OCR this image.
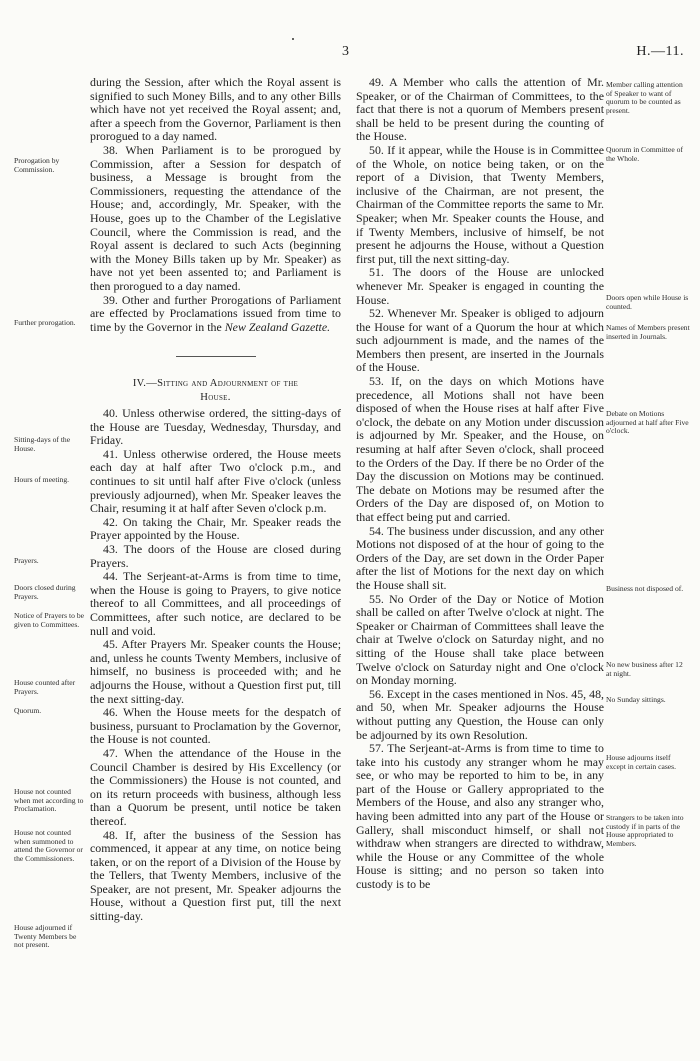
3	H.—11.
Prorogation by Commission.
Further prorogation.
Sitting-days of the House.
Hours of meeting.
Prayers.
Doors closed during Prayers.
Notice of Prayers to be given to Committees.
House counted after Prayers.
Quorum.
House not counted when met according to Proclamation.
House not counted when summoned to attend the Governor or the Commissioners.
House adjourned if Twenty Members be not present.

during the Session, after which the Royal assent is signified to such Money Bills, and to any other Bills which have not yet received the Royal assent; and, after a speech from the Governor, Parliament is then prorogued to a day named.

38. When Parliament is to be prorogued by Commission, after a Session for despatch of business, a Message is brought from the Commissioners, requesting the attendance of the House; and, accordingly, Mr. Speaker, with the House, goes up to the Chamber of the Legislative Council, where the Commission is read, and the Royal assent is declared to such Acts (beginning with the Money Bills taken up by Mr. Speaker) as have not yet been assented to; and Parliament is then prorogued to a day named.

39. Other and further Prorogations of Parliament are effected by Proclamations issued from time to time by the Governor in the New Zealand Gazette.

IV.—Sitting and Adjournment of the
House.

40. Unless otherwise ordered, the sitting-days of the House are Tuesday, Wednesday, Thursday, and Friday.

41. Unless otherwise ordered, the House meets each day at half after Two o'clock p.m., and continues to sit until half after Five o'clock (unless previously adjourned), when Mr. Speaker leaves the Chair, resuming it at half after Seven o'clock p.m.

42. On taking the Chair, Mr. Speaker reads the Prayer appointed by the House.

43. The doors of the House are closed during Prayers.

44. The Serjeant-at-Arms is from time to time, when the House is going to Prayers, to give notice thereof to all Committees, and all proceedings of Committees, after such notice, are declared to be null and void.

45. After Prayers Mr. Speaker counts the House; and, unless he counts Twenty Members, inclusive of himself, no business is proceeded with; and he adjourns the House, without a Question first put, till the next sitting-day.

46. When the House meets for the despatch of business, pursuant to Proclamation by the Governor, the House is not counted.

47. When the attendance of the House in the Council Chamber is desired by His Excellency (or the Commissioners) the House is not counted, and on its return proceeds with business, although less than a Quorum be present, until notice be taken thereof.

48. If, after the business of the Session has commenced, it appear at any time, on notice being taken, or on the report of a Division of the House by the Tellers, that Twenty Members, inclusive of the Speaker, are not present, Mr. Speaker adjourns the House, without a Question first put, till the next sitting-day.

49. A Member who calls the attention of Mr. Speaker, or of the Chairman of Committees, to the fact that there is not a quorum of Members present shall be held to be present during the counting of the House.

50. If it appear, while the House is in Committee of the Whole, on notice being taken, or on the report of a Division, that Twenty Members, inclusive of the Chairman, are not present, the Chairman of the Committee reports the same to Mr. Speaker; when Mr. Speaker counts the House, and if Twenty Members, inclusive of himself, be not present he adjourns the House, without a Question first put, till the next sitting-day.

51. The doors of the House are unlocked whenever Mr. Speaker is engaged in counting the House.

52. Whenever Mr. Speaker is obliged to adjourn the House for want of a Quorum the hour at which such adjournment is made, and the names of the Members then present, are inserted in the Journals of the House.

53. If, on the days on which Motions have precedence, all Motions shall not have been disposed of when the House rises at half after Five o'clock, the debate on any Motion under discussion is adjourned by Mr. Speaker, and the House, on resuming at half after Seven o'clock, shall proceed to the Orders of the Day. If there be no Order of the Day the discussion on Motions may be continued. The debate on Motions may be resumed after the Orders of the Day are disposed of, on Motion to that effect being put and carried.

54. The business under discussion, and any other Motions not disposed of at the hour of going to the Orders of the Day, are set down in the Order Paper after the list of Motions for the next day on which the House shall sit.

55. No Order of the Day or Notice of Motion shall be called on after Twelve o'clock at night. The Speaker or Chairman of Committees shall leave the chair at Twelve o'clock on Saturday night, and no sitting of the House shall take place between Twelve o'clock on Saturday night and One o'clock on Monday morning.

56. Except in the cases mentioned in Nos. 45, 48, and 50, when Mr. Speaker adjourns the House without putting any Question, the House can only be adjourned by its own Resolution.

57. The Serjeant-at-Arms is from time to time to take into his custody any stranger whom he may see, or who may be reported to him to be, in any part of the House or Gallery appropriated to the Members of the House, and also any stranger who, having been admitted into any part of the House or Gallery, shall misconduct himself, or shall not withdraw when strangers are directed to withdraw, while the House or any Committee of the whole House is sitting; and no person so taken into custody is to be

Member calling attention of Speaker to want of quorum to be counted as present.
Quorum in Committee of the Whole.
Doors open while House is counted.
Names of Members present inserted in Journals.
Debate on Motions adjourned at half after Five o'clock.
Business not disposed of.
No new business after 12 at night.
No Sunday sittings.
House adjourns itself except in certain cases.
Strangers to be taken into custody if in parts of the House appropriated to Members.
